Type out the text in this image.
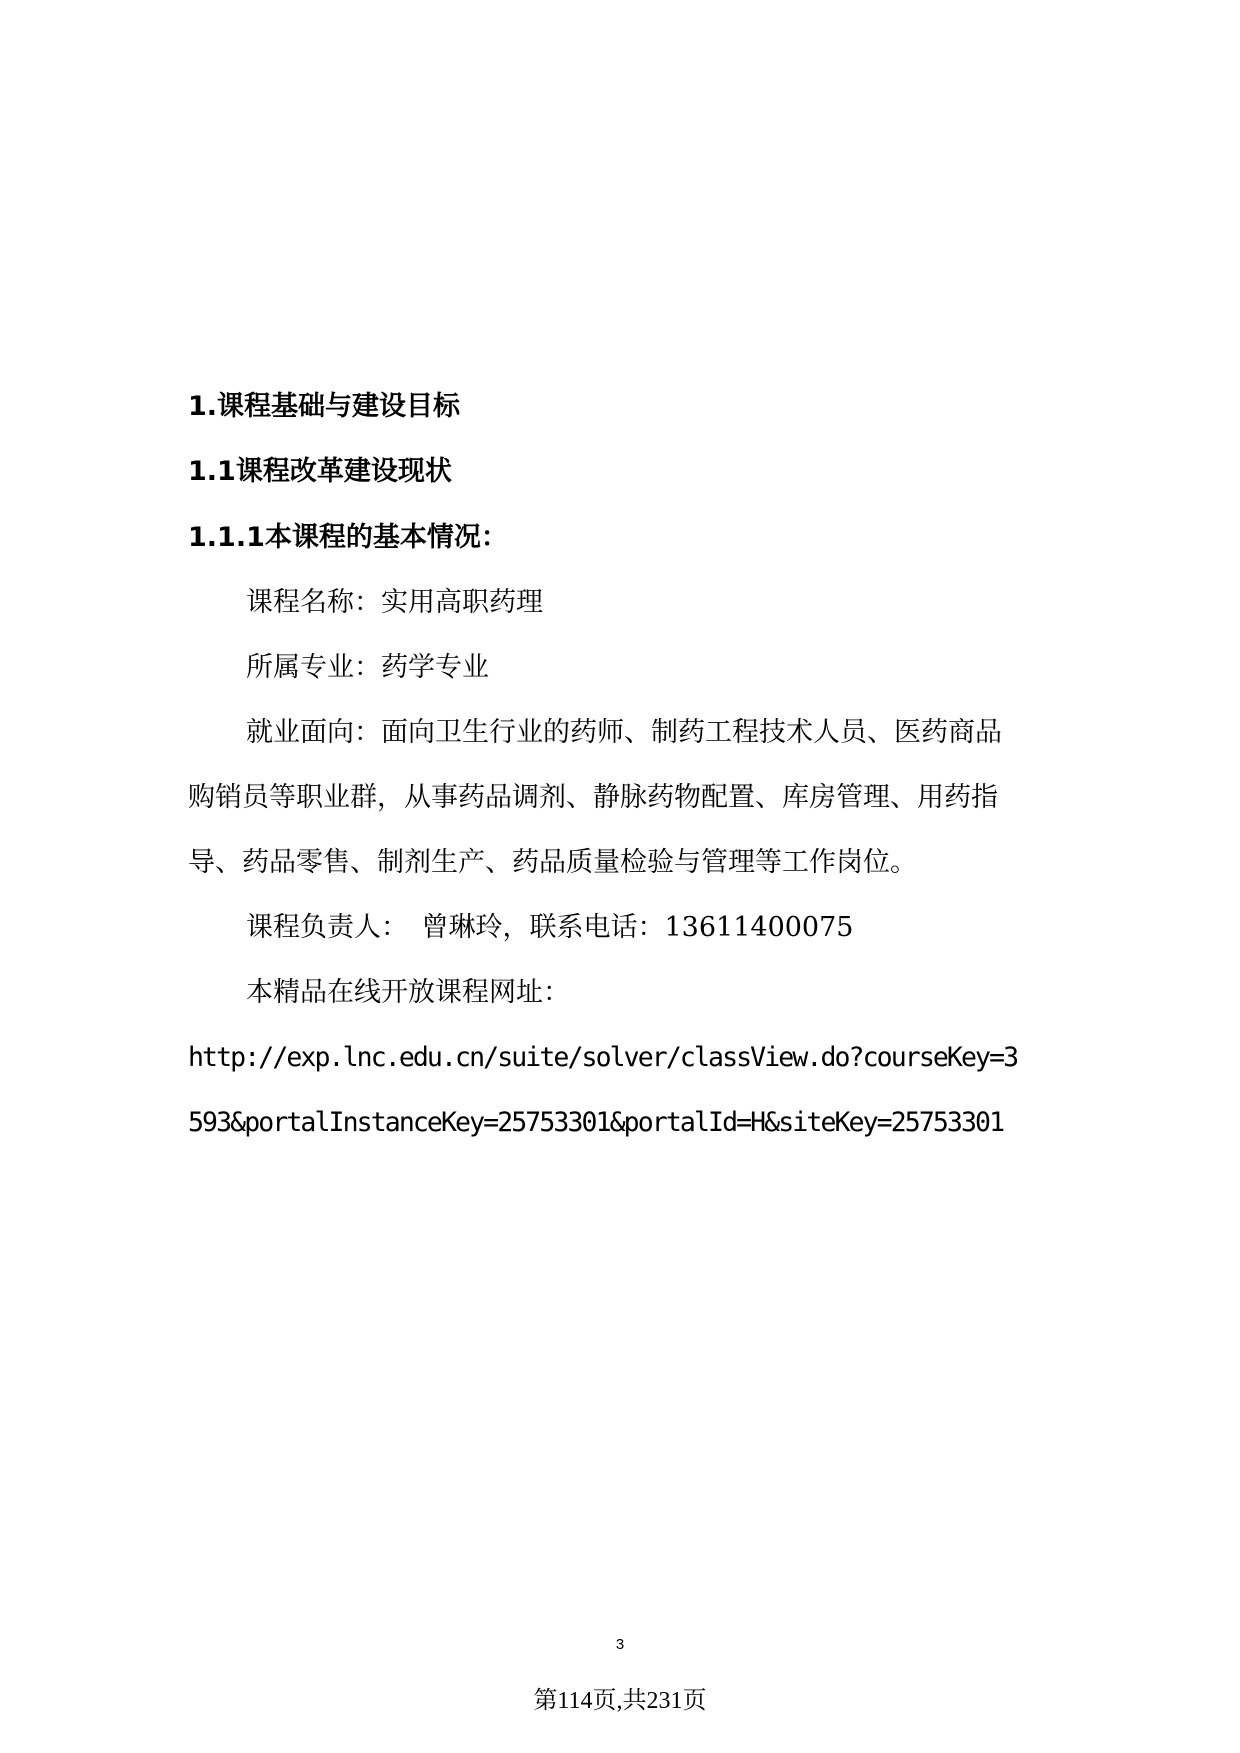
1.课程基础与建设目标
1.1课程改革建设现状
1.1.1本课程的基本情况：
课程名称：实用高职药理
所属专业：药学专业
就业面向：面向卫生行业的药师、制药工程技术人员、医药商品
购销员等职业群，从事药品调剂、静脉药物配置、库房管理、用药指
导、药品零售、制剂生产、药品质量检验与管理等工作岗位。
课程负责人：　曾琳玲，联系电话：13611400075
本精品在线开放课程网址：
http://exp.lnc.edu.cn/suite/solver/classView.do?courseKey=3
593&portalInstanceKey=25753301&portalId=H&siteKey=25753301
3
第114页,共231页
